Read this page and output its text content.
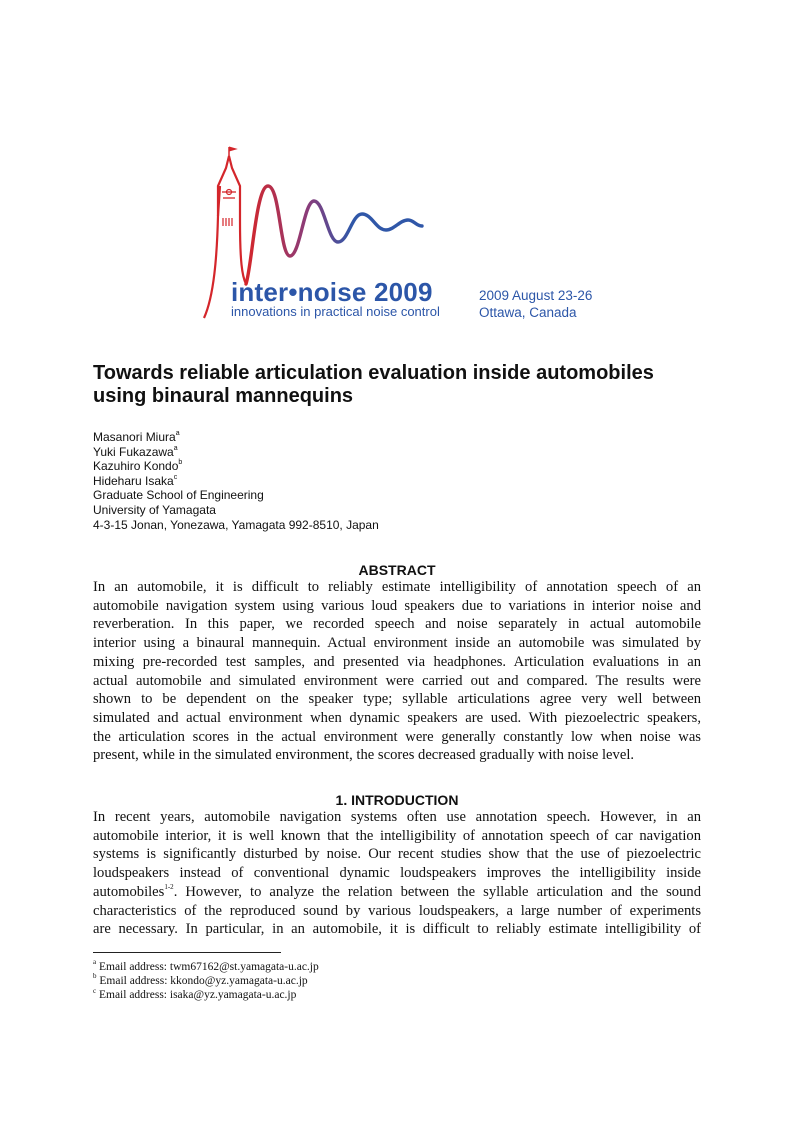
inter•noise 2009
innovations in practical noise control
2009 August 23-26
Ottawa, Canada
Towards reliable articulation evaluation inside automobiles
using binaural mannequins
Masanori Miura$^a$
Yuki Fukazawa$^a$
Kazuhiro Kondo$^b$
Hideharu Isaka$^c$
Graduate School of Engineering
University of Yamagata
4-3-15 Jonan, Yonezawa, Yamagata 992-8510, Japan
ABSTRACT
In an automobile, it is difficult to reliably estimate intelligibility of annotation speech of an
automobile navigation system using various loud speakers due to variations in interior noise and
reverberation. In this paper, we recorded speech and noise separately in actual automobile
interior using a binaural mannequin. Actual environment inside an automobile was simulated by
mixing pre-recorded test samples, and presented via headphones. Articulation evaluations in an
actual automobile and simulated environment were carried out and compared. The results were
shown to be dependent on the speaker type; syllable articulations agree very well between
simulated and actual environment when dynamic speakers are used. With piezoelectric speakers,
the articulation scores in the actual environment were generally constantly low when noise was
present, while in the simulated environment, the scores decreased gradually with noise level.
1. INTRODUCTION
In recent years, automobile navigation systems often use annotation speech. However, in an
automobile interior, it is well known that the intelligibility of annotation speech of car navigation
systems is significantly disturbed by noise. Our recent studies show that the use of piezoelectric
loudspeakers instead of conventional dynamic loudspeakers improves the intelligibility inside
automobiles$^{1-2}$. However, to analyze the relation between the syllable articulation and the sound
characteristics of the reproduced sound by various loudspeakers, a large number of experiments
are necessary. In particular, in an automobile, it is difficult to reliably estimate intelligibility of
$^a$ Email address: twm67162@st.yamagata-u.ac.jp
$^b$ Email address: kkondo@yz.yamagata-u.ac.jp
$^c$ Email address: isaka@yz.yamagata-u.ac.jp
